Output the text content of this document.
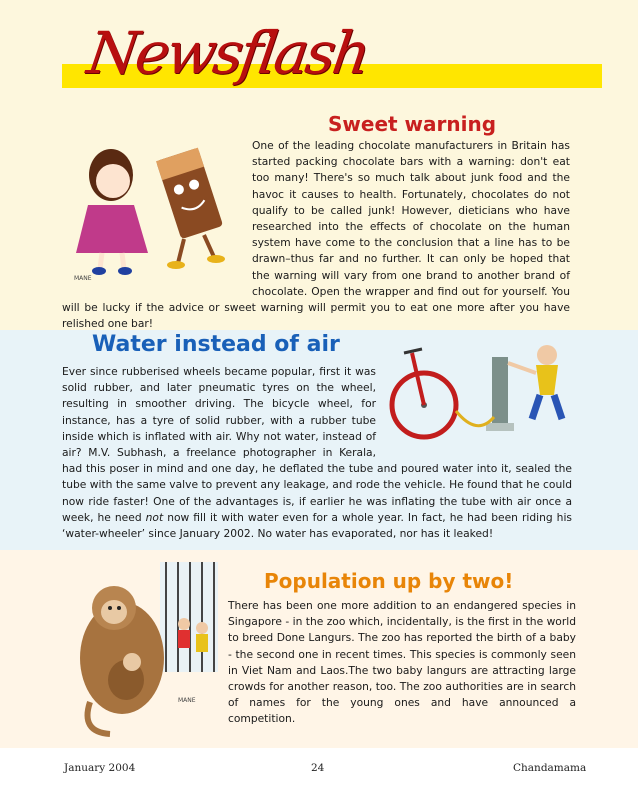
Newsflash
MANE
Sweet warning

One of the leading chocolate manufacturers in Britain has started packing chocolate bars with a warning: don't eat too many! There's so much talk about junk food and the havoc it causes to health. Fortunately, chocolates do not qualify to be called junk! However, dieticians who have researched into the effects of chocolate on the human system have come to the conclusion that a line has to be drawn–thus far and no further. It can only be hoped that the warning will vary from one brand to another brand of chocolate. Open the wrapper and find out for yourself. You will be lucky if the advice or sweet warning will permit you to eat one more after you have relished one bar!
Water instead of air
Ever since rubberised wheels became popular, first it was solid rubber, and later pneumatic tyres on the wheel, resulting in smoother driving. The bicycle wheel, for instance, has a tyre of solid rubber, with a rubber tube inside which is inflated with air. Why not water, instead of air? M.V. Subhash, a freelance photographer in Kerala, had this poser in mind and one day, he deflated the tube and poured water into it, sealed the tube with the same valve to prevent any leakage, and rode the vehicle. He found that he could now ride faster! One of the advantages is, if earlier he was inflating the tube with air once a week, he need not now fill it with water even for a whole year. In fact, he had been riding his ‘water-wheeler’ since January 2002. No water has evaporated, nor has it leaked!
MANE
Population up by two!

There has been one more addition to an endangered species in Singapore - in the zoo which, incidentally, is the first in the world to breed Done Langurs. The zoo has reported the birth of a baby - the second one in recent times. This species is commonly seen in Viet Nam and Laos.The two baby langurs are attracting large crowds for another reason, too. The zoo authorities are in search of names for the young ones and have announced a competition.

January 2004	24	Chandamama
